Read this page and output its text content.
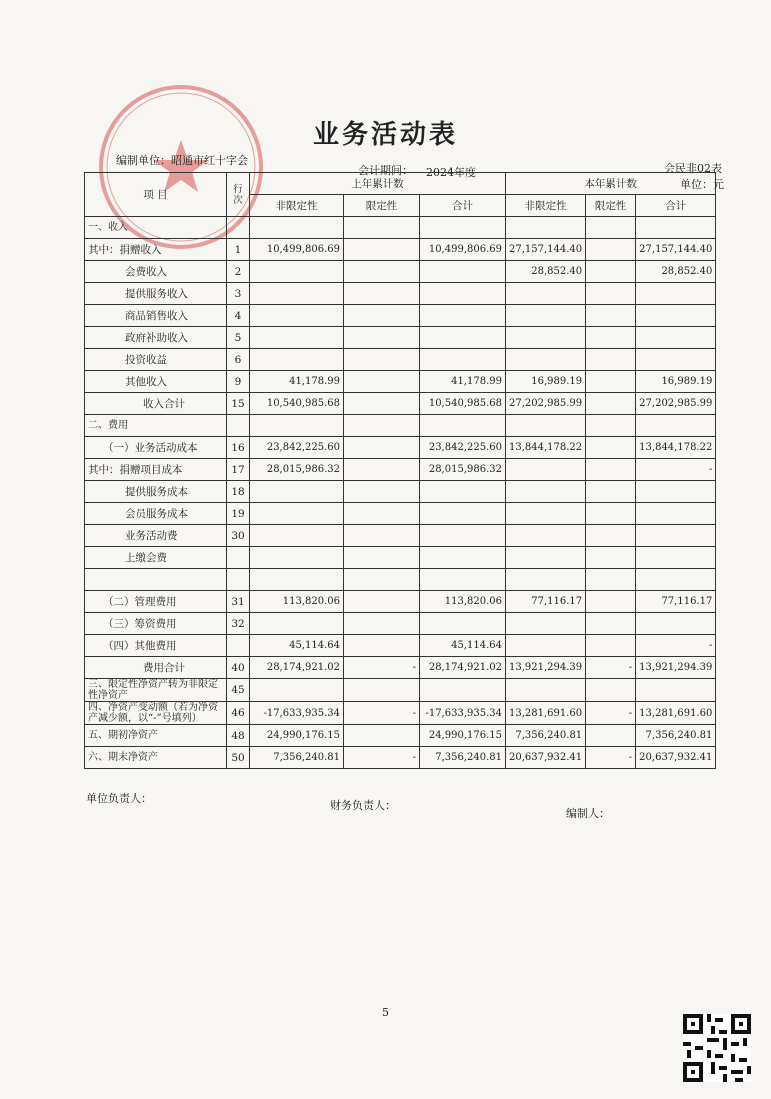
业务活动表
编制单位：昭通市红十字会
会计期间： 2024年度	会民非02表
单位：元
项 目	行次	上年累计数			本年累计数		
		非限定性	限定性	合计	非限定性	限定性	合计
一、收入							
其中：捐赠收入	1	10,499,806.69		10,499,806.69	27,157,144.40		27,157,144.40
会费收入	2				28,852.40		28,852.40
提供服务收入	3						
商品销售收入	4						
政府补助收入	5						
投资收益	6						
其他收入	9	41,178.99		41,178.99	16,989.19		16,989.19
收入合计	15	10,540,985.68		10,540,985.68	27,202,985.99		27,202,985.99
二、费用							
（一）业务活动成本	16	23,842,225.60		23,842,225.60	13,844,178.22		13,844,178.22
其中：捐赠项目成本	17	28,015,986.32		28,015,986.32			-
提供服务成本	18						
会员服务成本	19						
业务活动费	30						
上缴会费							

（二）管理费用	31	113,820.06		113,820.06	77,116.17		77,116.17
（三）筹资费用	32						
（四）其他费用		45,114.64		45,114.64			-
费用合计	40	28,174,921.02	-	28,174,921.02	13,921,294.39	-	13,921,294.39
三、限定性净资产转为非限定性净资产	45						
四、净资产变动额（若为净资产减少额，以“-”号填列）	46	-17,633,935.34	-	-17,633,935.34	13,281,691.60	-	13,281,691.60
五、期初净资产	48	24,990,176.15		24,990,176.15	7,356,240.81		7,356,240.81
六、期末净资产	50	7,356,240.81	-	7,356,240.81	20,637,932.41	-	20,637,932.41
单位负责人：
财务负责人：
编制人：
5
